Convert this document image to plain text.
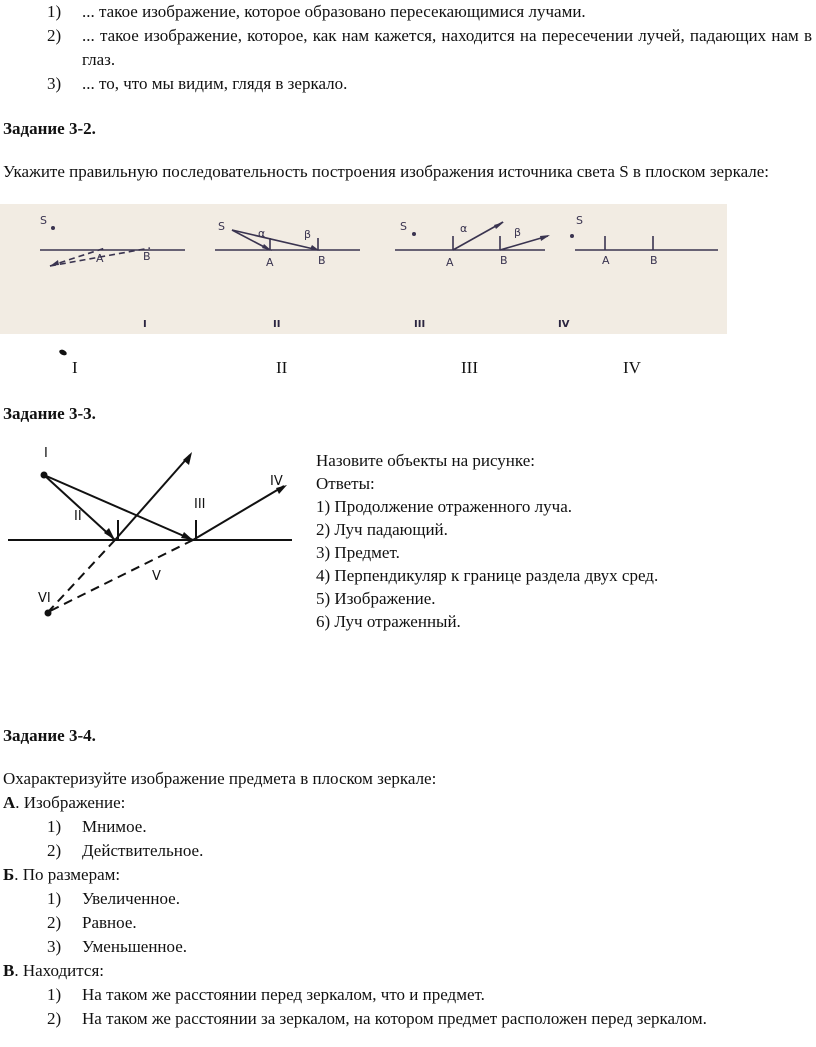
1)	... такое изображение, которое образовано пересекающимися лучами.
2)	... такое изображение, которое, как нам кажется, находится на пересечении лучей, падающих нам в глаз.
3)	... то, что мы видим, глядя в зеркало.
Задание 3-2.
Укажите правильную последовательность построения изображения источника света S в плоском зеркале:
S
A	B
S
α	β
A	B
S	α	β
A	B
S
A	B
I	II	III	IV
I	II	III	IV
Задание 3-3.
I
II
III
IV
V
VI
Назовите объекты на рисунке:
Ответы:
1) Продолжение отраженного луча.
2) Луч падающий.
3) Предмет.
4) Перпендикуляр к границе раздела двух сред.
5) Изображение.
6) Луч отраженный.
Задание 3-4.
Охарактеризуйте изображение предмета в плоском зеркале:
А. Изображение:
1) Мнимое.
2) Действительное.
Б. По размерам:
1) Увеличенное.
2) Равное.
3) Уменьшенное.
В. Находится:
1) На таком же расстоянии перед зеркалом, что и предмет.
2)	На таком же расстоянии за зеркалом, на котором предмет расположен перед зеркалом.
